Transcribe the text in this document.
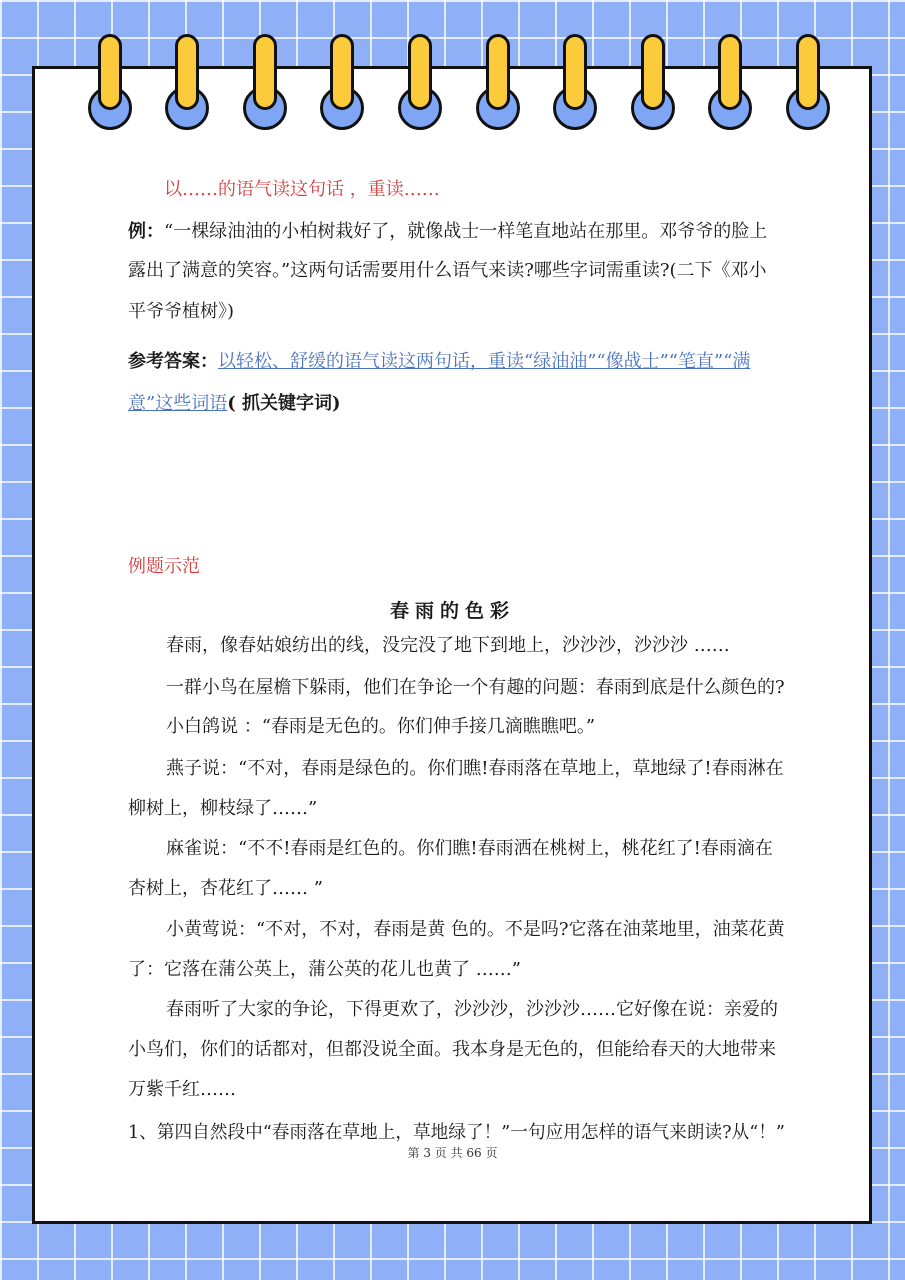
以……的语气读这句话 ，重读……
例：“一棵绿油油的小柏树栽好了，就像战士一样笔直地站在那里。邓爷爷的脸上
露出了满意的笑容。”这两句话需要用什么语气来读?哪些字词需重读?(二下《邓小
平爷爷植树》)
参考答案：以轻松、舒缓的语气读这两句话，重读“绿油油”“像战士”“笔直”“满
意”这些词语( 抓关键字词)
例题示范
春雨的色彩
春雨，像春姑娘纺出的线，没完没了地下到地上，沙沙沙，沙沙沙 ……
一群小鸟在屋檐下躲雨，他们在争论一个有趣的问题：春雨到底是什么颜色的?
小白鸽说 ：“春雨是无色的。你们伸手接几滴瞧瞧吧。”
燕子说：“不对，春雨是绿色的。你们瞧!春雨落在草地上，草地绿了!春雨淋在
柳树上，柳枝绿了……”
麻雀说：“不不!春雨是红色的。你们瞧!春雨洒在桃树上，桃花红了!春雨滴在
杏树上，杏花红了…… ”
小黄莺说：“不对，不对，春雨是黄 色的。不是吗?它落在油菜地里，油菜花黄
了：它落在蒲公英上，蒲公英的花儿也黄了 ……”
春雨听了大家的争论，下得更欢了，沙沙沙，沙沙沙……它好像在说：亲爱的
小鸟们，你们的话都对，但都没说全面。我本身是无色的，但能给春天的大地带来
万紫千红……
1、第四自然段中“春雨落在草地上，草地绿了！”一句应用怎样的语气来朗读?从“！”
第 3 页 共 66 页
